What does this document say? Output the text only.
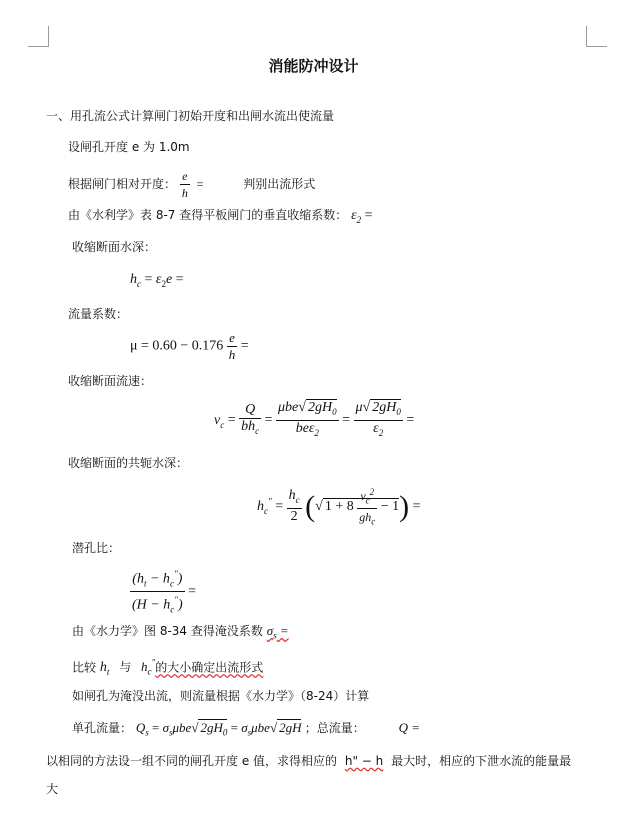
消能防冲设计
一、用孔流公式计算闸门初始开度和出闸水流出使流量
设闸孔开度 e 为 1.0m
根据闸门相对开度： $\frac{e}{h}$ =	判别出流形式
由《水利学》表 8-7 查得平板闸门的垂直收缩系数： $\varepsilon_2$ =
收缩断面水深：
$h_c = \varepsilon_2e$ =
流量系数：
$\mu = 0.60 - 0.176 \frac{e}{h}$ =
收缩断面流速：
$v_c = \frac{Q}{bh_c} = \frac{\mu be√ 2gH_0}{be\varepsilon_2} = \frac{\mu√ 2gH_0}{\varepsilon_2}$ =
收缩断面的共轭水深：
$h_c'' = \frac{h_c}{2}$ (√ $1 + 8 \frac{v_c^2}{gh_c} - 1$) =
潜孔比：
$\frac{(h_t - h_c'')}{(H - h_c'')}$ =
由《水力学》图 8-34 查得淹没系数 $\sigma_s$ =
比较 $h_t$ 与 $h_c''$的大小确定出流形式
如闸孔为淹没出流，则流量根据《水力学》（8-24）计算
单孔流量： $Q_s = \sigma_s\mu be√$ $2gH_0 = \sigma_s\mu be√$ 2gH ；总流量：	Q =
以相同的方法设一组不同的闸孔开度 e 值，求得相应的 h" − h 最大时，相应的下泄水流的能量最
大
